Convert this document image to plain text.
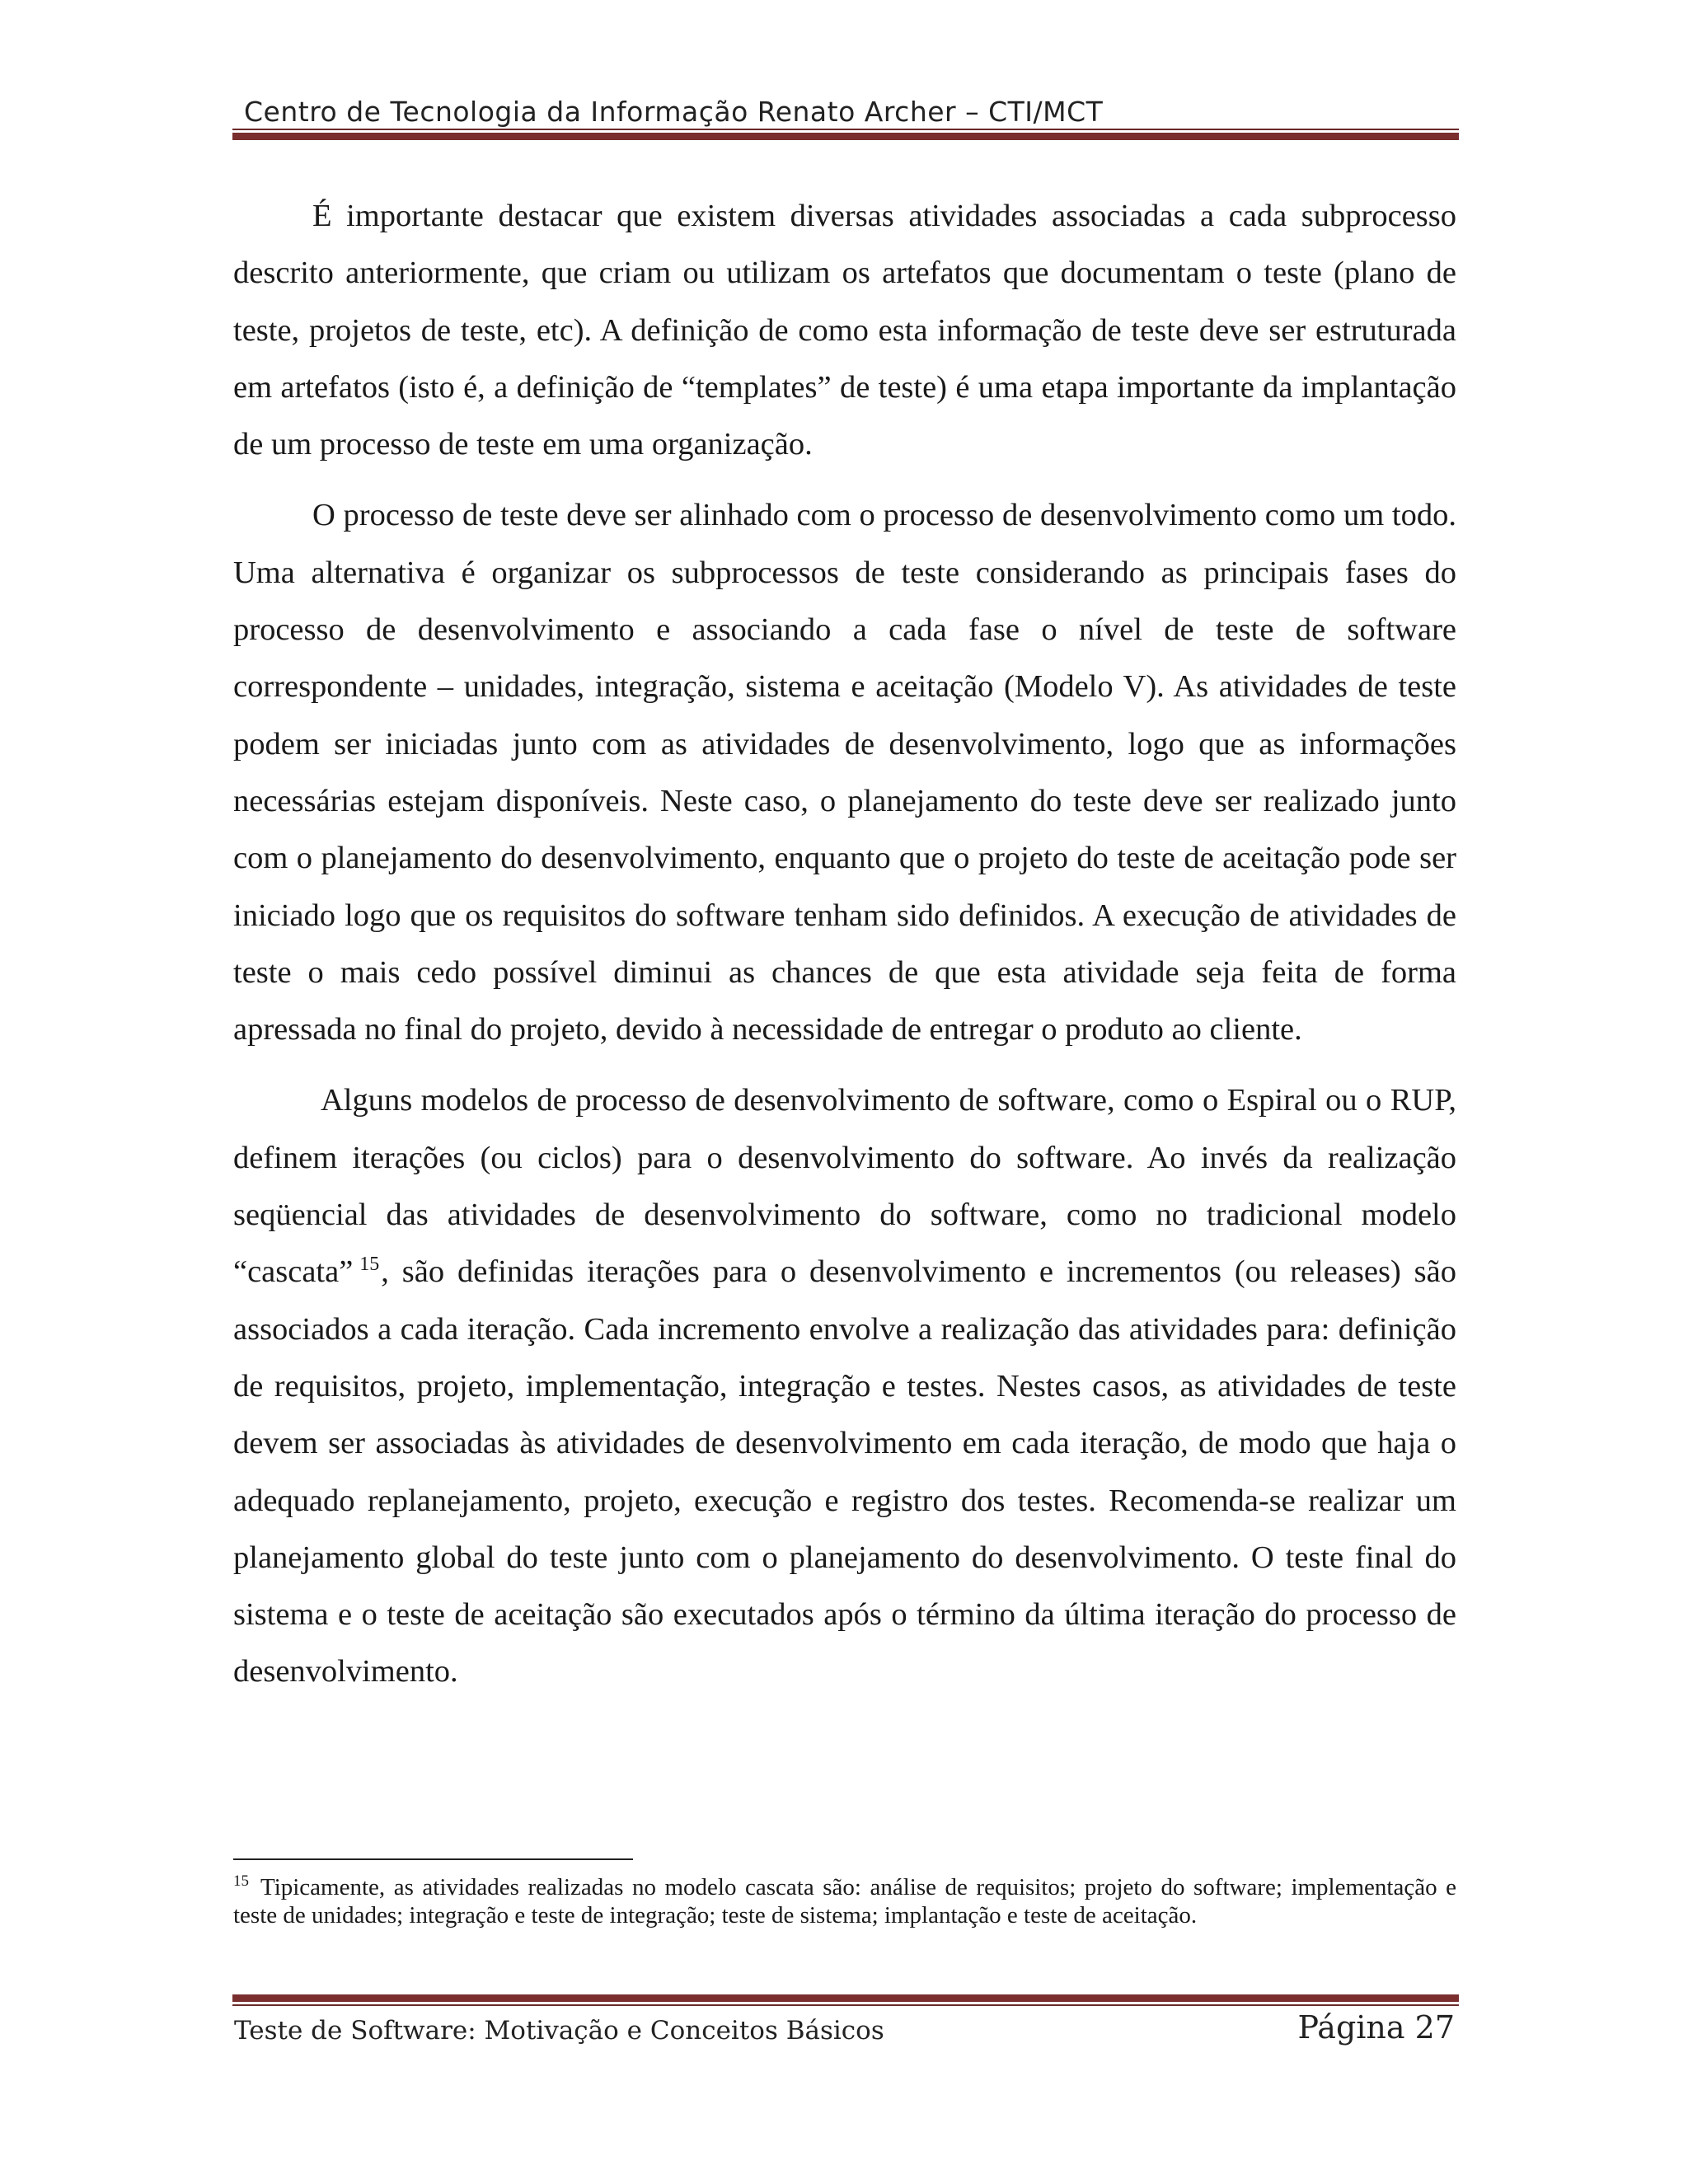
Centro de Tecnologia da Informação Renato Archer – CTI/MCT

É importante destacar que existem diversas atividades associadas a cada subprocesso descrito anteriormente, que criam ou utilizam os artefatos que documentam o teste (plano de teste, projetos de teste, etc). A definição de como esta informação de teste deve ser estruturada em artefatos (isto é, a definição de “templates” de teste) é uma etapa importante da implantação de um processo de teste em uma organização.

O processo de teste deve ser alinhado com o processo de desenvolvimento como um todo. Uma alternativa é organizar os subprocessos de teste considerando as principais fases do processo de desenvolvimento e associando a cada fase o nível de teste de software correspondente – unidades, integração, sistema e aceitação (Modelo V). As atividades de teste podem ser iniciadas junto com as atividades de desenvolvimento, logo que as informações necessárias estejam disponíveis. Neste caso, o planejamento do teste deve ser realizado junto com o planejamento do desenvolvimento, enquanto que o projeto do teste de aceitação pode ser iniciado logo que os requisitos do software tenham sido definidos. A execução de atividades de teste o mais cedo possível diminui as chances de que esta atividade seja feita de forma apressada no final do projeto, devido à necessidade de entregar o produto ao cliente.

Alguns modelos de processo de desenvolvimento de software, como o Espiral ou o RUP, definem iterações (ou ciclos) para o desenvolvimento do software. Ao invés da realização seqüencial das atividades de desenvolvimento do software, como no tradicional modelo “cascata” $^{15}$, são definidas iterações para o desenvolvimento e incrementos (ou releases) são associados a cada iteração. Cada incremento envolve a realização das atividades para: definição de requisitos, projeto, implementação, integração e testes. Nestes casos, as atividades de teste devem ser associadas às atividades de desenvolvimento em cada iteração, de modo que haja o adequado replanejamento, projeto, execução e registro dos testes. Recomenda-se realizar um planejamento global do teste junto com o planejamento do desenvolvimento. O teste final do sistema e o teste de aceitação são executados após o término da última iteração do processo de desenvolvimento.

$^{15}$ Tipicamente, as atividades realizadas no modelo cascata são: análise de requisitos; projeto do software; implementação e teste de unidades; integração e teste de integração; teste de sistema; implantação e teste de aceitação.
Teste de Software: Motivação e Conceitos Básicos	Página 27
